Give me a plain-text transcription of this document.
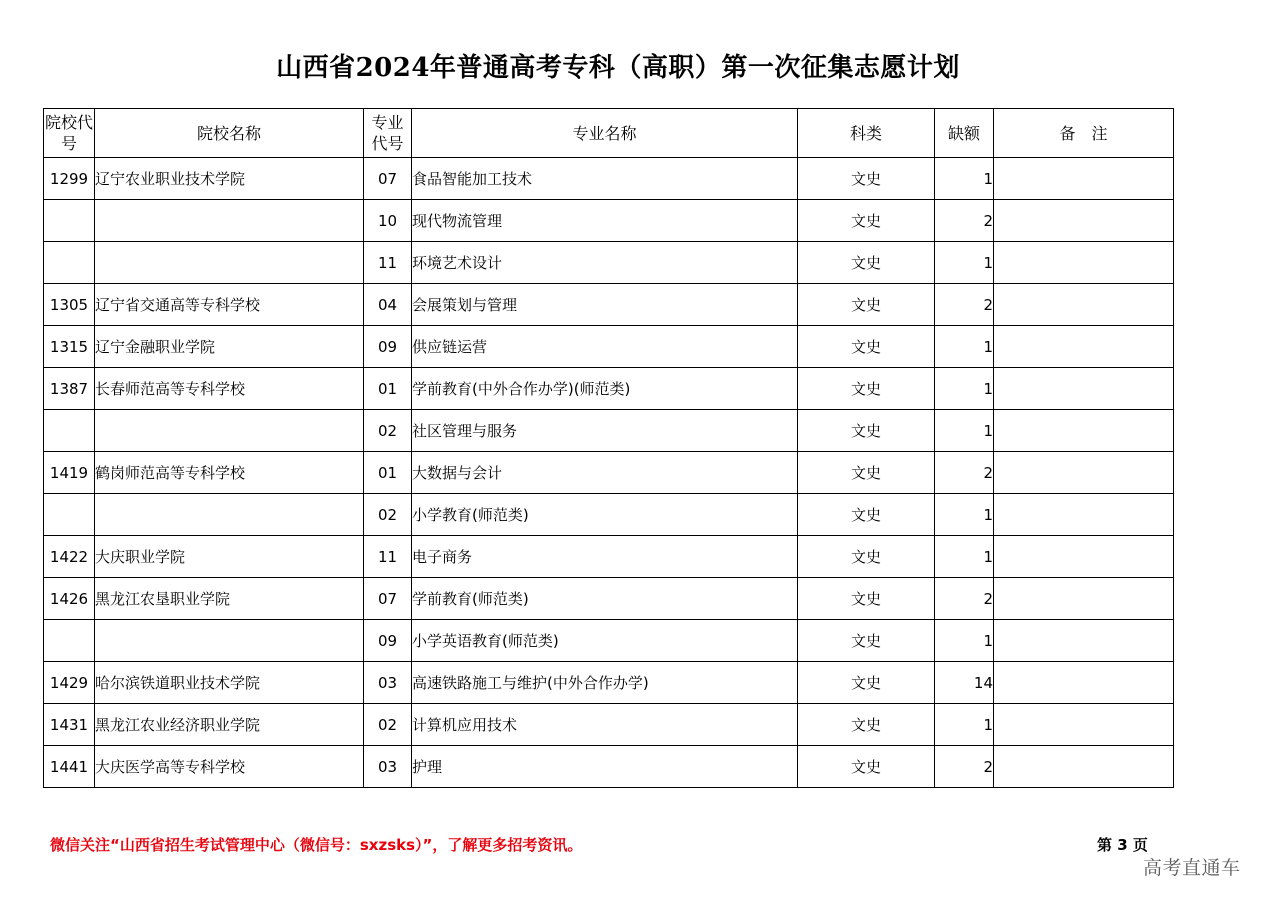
山西省2024年普通高考专科（高职）第一次征集志愿计划
院校代号	院校名称	专业代号	专业名称	科类	缺额	备　注
1299	辽宁农业职业技术学院	07	食品智能加工技术	文史	1	
		10	现代物流管理	文史	2	
		11	环境艺术设计	文史	1	
1305	辽宁省交通高等专科学校	04	会展策划与管理	文史	2	
1315	辽宁金融职业学院	09	供应链运营	文史	1	
1387	长春师范高等专科学校	01	学前教育(中外合作办学)(师范类)	文史	1	
		02	社区管理与服务	文史	1	
1419	鹤岗师范高等专科学校	01	大数据与会计	文史	2	
		02	小学教育(师范类)	文史	1	
1422	大庆职业学院	11	电子商务	文史	1	
1426	黑龙江农垦职业学院	07	学前教育(师范类)	文史	2	
		09	小学英语教育(师范类)	文史	1	
1429	哈尔滨铁道职业技术学院	03	高速铁路施工与维护(中外合作办学)	文史	14	
1431	黑龙江农业经济职业学院	02	计算机应用技术	文史	1	
1441	大庆医学高等专科学校	03	护理	文史	2	
微信关注“山西省招生考试管理中心（微信号：sxzsks）”，了解更多招考资讯。	第 3 页
高考直通车
